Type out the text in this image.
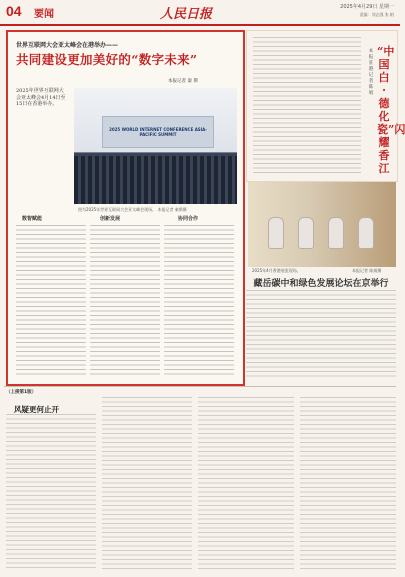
04 要闻	人民日报	2025年4月29日 星期一
责编：刘志强 张 帆
世界互联网大会亚太峰会在港举办——
共同建设更加美好的“数字未来”
本报记者 秦 斯
2025年世界互联网大会亚太峰会4月14日至15日在香港举办。
2025 WORLD INTERNET CONFERENCE ASIA-PACIFIC SUMMIT
图为2025年世界互联网大会亚太峰会现场。 本报记者 秦斯摄
数智赋能	创新发展	协同合作
本报驻港记者 陈娟
“中国白·德化瓷”闪耀香江
2025年4月香港展览现场。	本报记者 陈娟摄
藏岳碳中和绿色发展论坛在京举行
（上接第1版）
风疑更何止开
